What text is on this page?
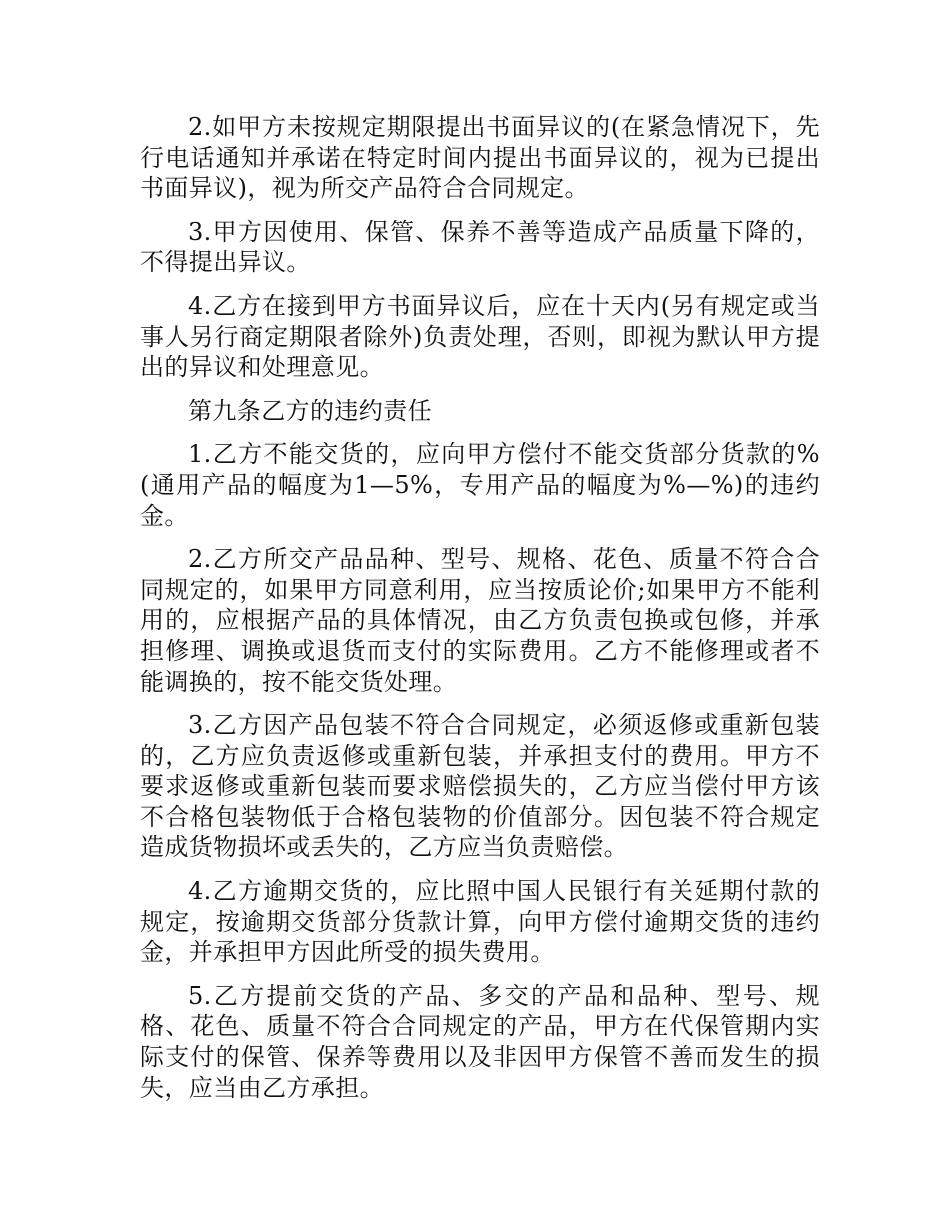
2.如甲方未按规定期限提出书面异议的(在紧急情况下，先行电话通知并承诺在特定时间内提出书面异议的，视为已提出书面异议)，视为所交产品符合合同规定。

3.甲方因使用、保管、保养不善等造成产品质量下降的，不得提出异议。

4.乙方在接到甲方书面异议后，应在十天内(另有规定或当事人另行商定期限者除外)负责处理，否则，即视为默认甲方提出的异议和处理意见。

第九条乙方的违约责任

1.乙方不能交货的，应向甲方偿付不能交货部分货款的%(通用产品的幅度为1—5%，专用产品的幅度为%—%)的违约金。

2.乙方所交产品品种、型号、规格、花色、质量不符合合同规定的，如果甲方同意利用，应当按质论价;如果甲方不能利用的，应根据产品的具体情况，由乙方负责包换或包修，并承担修理、调换或退货而支付的实际费用。乙方不能修理或者不能调换的，按不能交货处理。

3.乙方因产品包装不符合合同规定，必须返修或重新包装的，乙方应负责返修或重新包装，并承担支付的费用。甲方不要求返修或重新包装而要求赔偿损失的，乙方应当偿付甲方该不合格包装物低于合格包装物的价值部分。因包装不符合规定造成货物损坏或丢失的，乙方应当负责赔偿。

4.乙方逾期交货的，应比照中国人民银行有关延期付款的规定，按逾期交货部分货款计算，向甲方偿付逾期交货的违约金，并承担甲方因此所受的损失费用。

5.乙方提前交货的产品、多交的产品和品种、型号、规格、花色、质量不符合合同规定的产品，甲方在代保管期内实际支付的保管、保养等费用以及非因甲方保管不善而发生的损失，应当由乙方承担。
